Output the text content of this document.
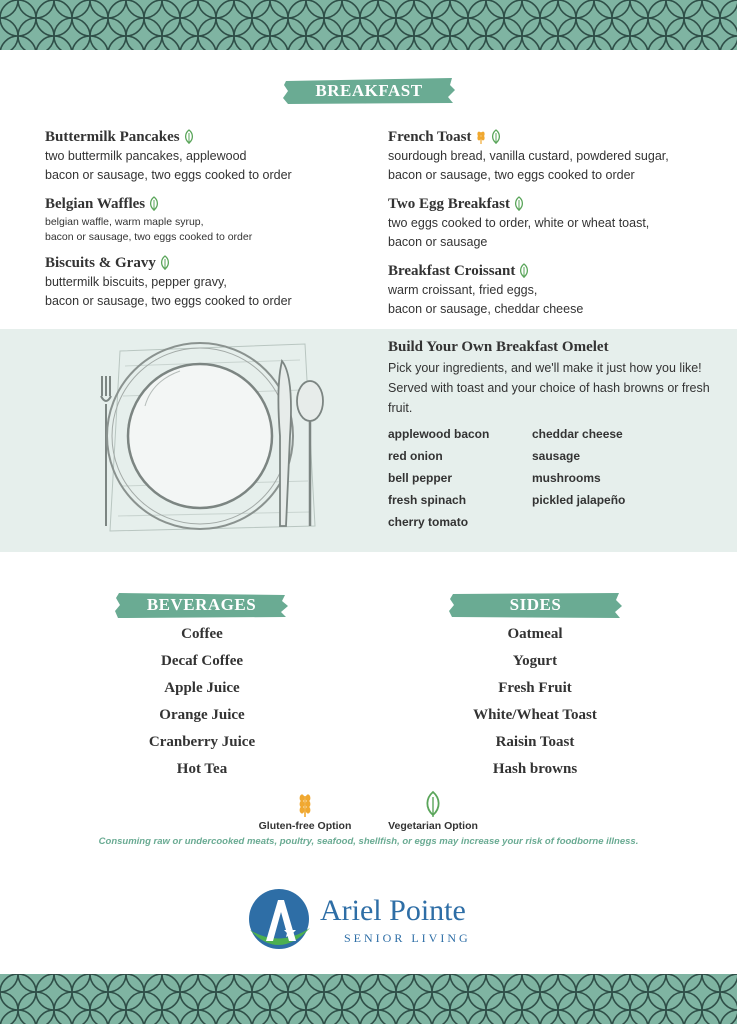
BREAKFAST
Buttermilk Pancakes
two buttermilk pancakes, applewood
bacon or sausage, two eggs cooked to order
Belgian Waffles
belgian waffle, warm maple syrup,
bacon or sausage, two eggs cooked to order
Biscuits & Gravy
buttermilk biscuits, pepper gravy,
bacon or sausage, two eggs cooked to order
French Toast
sourdough bread, vanilla custard, powdered sugar,
bacon or sausage, two eggs cooked to order
Two Egg Breakfast
two eggs cooked to order, white or wheat toast,
bacon or sausage
Breakfast Croissant
warm croissant, fried eggs,
bacon or sausage, cheddar cheese
Build Your Own Breakfast Omelet
Pick your ingredients, and we'll make it just how you like! Served with toast and your choice of hash browns or fresh fruit.
applewood bacon
red onion
bell pepper
fresh spinach
cherry tomato
cheddar cheese
sausage
mushrooms
pickled jalapeño
BEVERAGES	SIDES
Coffee
Decaf Coffee
Apple Juice
Orange Juice
Cranberry Juice
Hot Tea
Oatmeal
Yogurt
Fresh Fruit
White/Wheat Toast
Raisin Toast
Hash browns
Gluten-free Option	Vegetarian Option
Consuming raw or undercooked meats, poultry, seafood, shellfish, or eggs may increase your risk of foodborne illness.
Ariel Pointe
SENIOR LIVING
